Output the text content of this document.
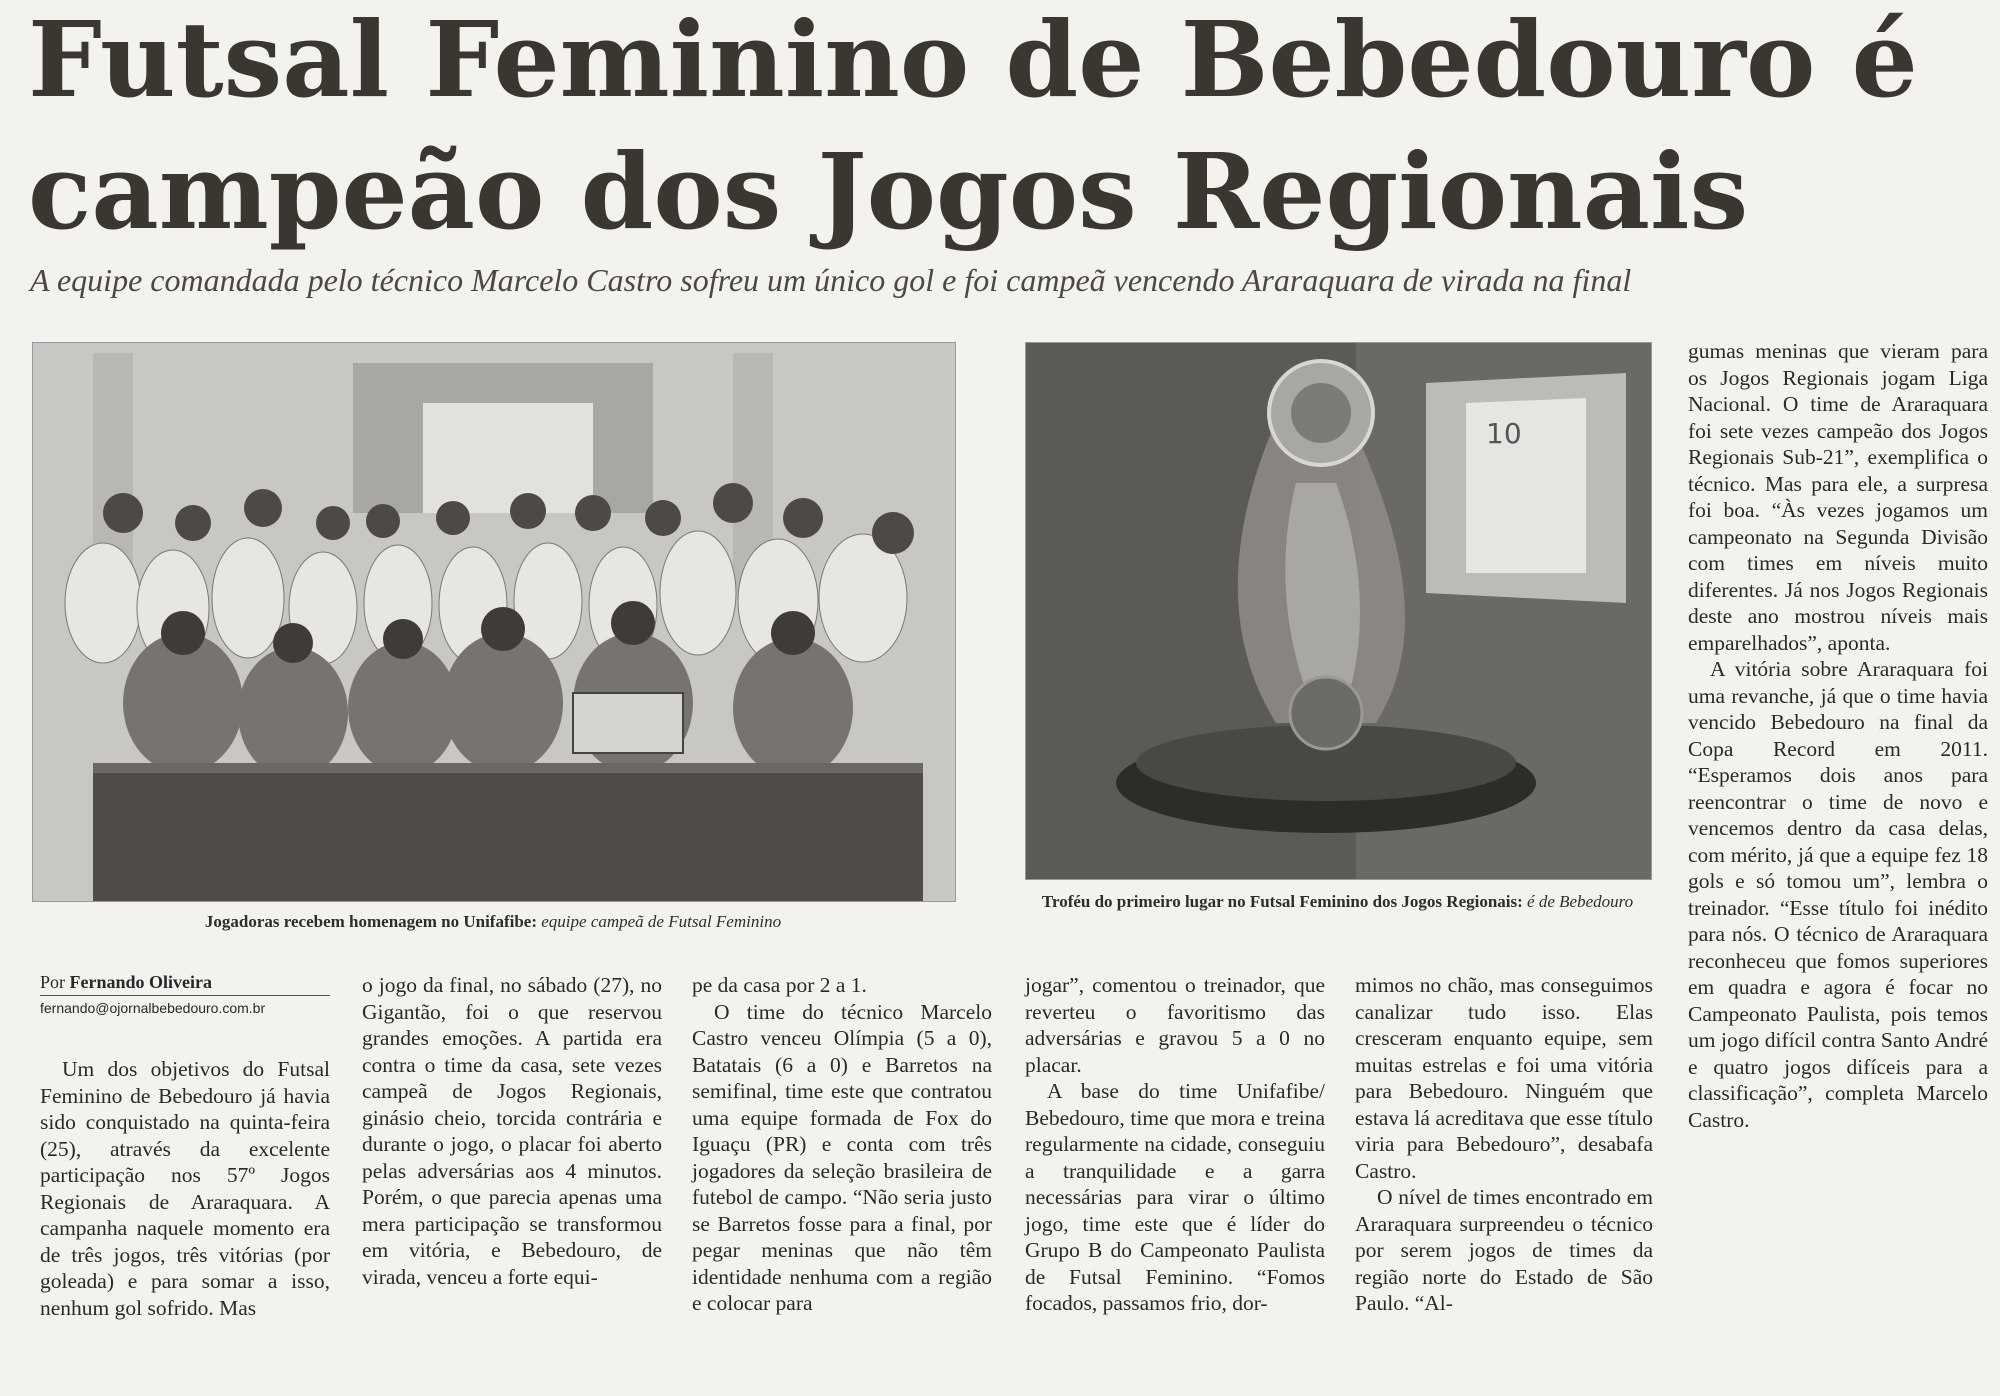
Futsal Feminino de Bebedouro é
campeão dos Jogos Regionais

A equipe comandada pelo técnico Marcelo Castro sofreu um único gol e foi campeã vencendo Araraquara de virada na final

Jogadoras recebem homenagem no Unifafibe: equipe campeã de Futsal Feminino

10

Troféu do primeiro lugar no Futsal Feminino dos Jogos Regionais: é de Bebedouro

Por Fernando Oliveira

fernando@ojornalbebedouro.com.br

Um dos objetivos do Futsal Feminino de Bebedouro já havia sido conquistado na quinta-feira (25), através da excelente participação nos 57º Jogos Regionais de Araraquara. A campanha naquele momento era de três jogos, três vitórias (por goleada) e para somar a isso, nenhum gol sofrido. Mas

o jogo da final, no sábado (27), no Gigantão, foi o que reservou grandes emoções. A partida era contra o time da casa, sete vezes campeã de Jogos Regionais, ginásio cheio, torcida contrária e durante o jogo, o placar foi aberto pelas adversárias aos 4 minutos. Porém, o que parecia apenas uma mera participação se transformou em vitória, e Bebedouro, de virada, venceu a forte equi-

pe da casa por 2 a 1.

O time do técnico Marcelo Castro venceu Olímpia (5 a 0), Batatais (6 a 0) e Barretos na semifinal, time este que contratou uma equipe formada de Fox do Iguaçu (PR) e conta com três jogadores da seleção brasileira de futebol de campo. “Não seria justo se Barretos fosse para a final, por pegar meninas que não têm identidade nenhuma com a região e colocar para

jogar”, comentou o treinador, que reverteu o favoritismo das adversárias e gravou 5 a 0 no placar.

A base do time Unifafibe/ Bebedouro, time que mora e treina regularmente na cidade, conseguiu a tranquilidade e a garra necessárias para virar o último jogo, time este que é líder do Grupo B do Campeonato Paulista de Futsal Feminino. “Fomos focados, passamos frio, dor-

mimos no chão, mas conseguimos canalizar tudo isso. Elas cresceram enquanto equipe, sem muitas estrelas e foi uma vitória para Bebedouro. Ninguém que estava lá acreditava que esse título viria para Bebedouro”, desabafa Castro.

O nível de times encontrado em Araraquara surpreendeu o técnico por serem jogos de times da região norte do Estado de São Paulo. “Al-

gumas meninas que vieram para os Jogos Regionais jogam Liga Nacional. O time de Araraquara foi sete vezes campeão dos Jogos Regionais Sub-21”, exemplifica o técnico. Mas para ele, a surpresa foi boa. “Às vezes jogamos um campeonato na Segunda Divisão com times em níveis muito diferentes. Já nos Jogos Regionais deste ano mostrou níveis mais emparelhados”, aponta.

A vitória sobre Araraquara foi uma revanche, já que o time havia vencido Bebedouro na final da Copa Record em 2011. “Esperamos dois anos para reencontrar o time de novo e vencemos dentro da casa delas, com mérito, já que a equipe fez 18 gols e só tomou um”, lembra o treinador. “Esse título foi inédito para nós. O técnico de Araraquara reconheceu que fomos superiores em quadra e agora é focar no Campeonato Paulista, pois temos um jogo difícil contra Santo André e quatro jogos difíceis para a classificação”, completa Marcelo Castro.
